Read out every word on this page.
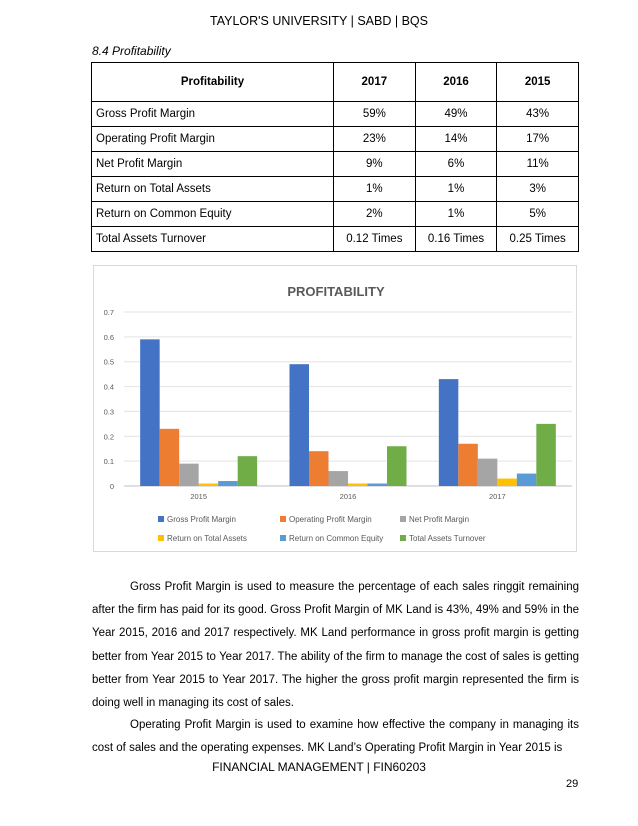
TAYLOR'S UNIVERSITY | SABD | BQS
8.4 Profitability
Profitability	2017	2016	2015
Gross Profit Margin	59%	49%	43%
Operating Profit Margin	23%	14%	17%
Net Profit Margin	9%	6%	11%
Return on Total Assets	1%	1%	3%
Return on Common Equity	2%	1%	5%
Total Assets Turnover	0.12 Times	0.16 Times	0.25 Times
PROFITABILITY
0
0.1
0.2
0.3
0.4
0.5
0.6
0.7
2015	2016	2017
Gross Profit Margin	Operating Profit Margin	Net Profit Margin
Return on Total Assets	Return on Common Equity	Total Assets Turnover
Gross Profit Margin is used to measure the percentage of each sales ringgit remaining after the firm has paid for its good. Gross Profit Margin of MK Land is 43%, 49% and 59% in the Year 2015, 2016 and 2017 respectively. MK Land performance in gross profit margin is getting better from Year 2015 to Year 2017. The ability of the firm to manage the cost of sales is getting better from Year 2015 to Year 2017. The higher the gross profit margin represented the firm is doing well in managing its cost of sales.
Operating Profit Margin is used to examine how effective the company in managing its cost of sales and the operating expenses. MK Land’s Operating Profit Margin in Year 2015 is
FINANCIAL MANAGEMENT | FIN60203
29
